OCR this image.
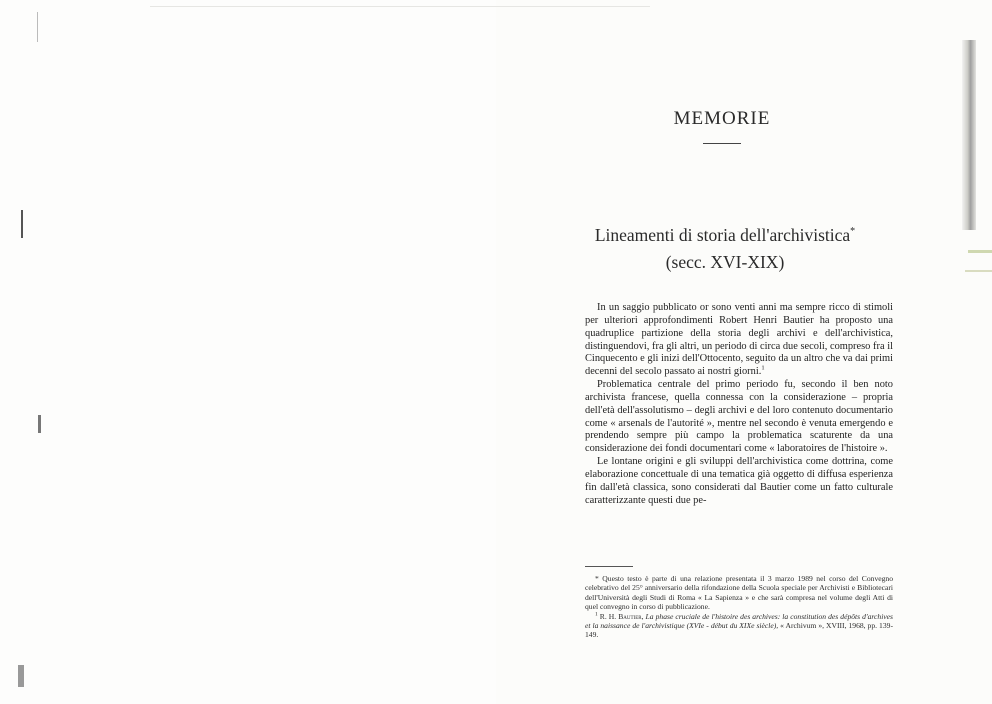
MEMORIE
Lineamenti di storia dell'archivistica*
(secc. XVI-XIX)

In un saggio pubblicato or sono venti anni ma sempre ricco di stimoli per ulteriori approfondimenti Robert Henri Bautier ha proposto una quadruplice partizione della storia degli archivi e dell'archivistica, distinguendovi, fra gli altri, un periodo di circa due secoli, compreso fra il Cinquecento e gli inizi dell'Ottocento, seguito da un altro che va dai primi decenni del secolo passato ai nostri giorni.$^1$

Problematica centrale del primo periodo fu, secondo il ben noto archivista francese, quella connessa con la considerazione – propria dell'età dell'assolutismo – degli archivi e del loro contenuto documentario come « arsenals de l'autorité », mentre nel secondo è venuta emergendo e prendendo sempre più campo la problematica scaturente da una considerazione dei fondi documentari come « laboratoires de l'histoire ».

Le lontane origini e gli sviluppi dell'archivistica come dottrina, come elaborazione concettuale di una tematica già oggetto di diffusa esperienza fin dall'età classica, sono considerati dal Bautier come un fatto culturale caratterizzante questi due pe-

* Questo testo è parte di una relazione presentata il 3 marzo 1989 nel corso del Convegno celebrativo del 25° anniversario della rifondazione della Scuola speciale per Archivisti e Bibliotecari dell'Università degli Studi di Roma « La Sapienza » e che sarà compresa nel volume degli Atti di quel convegno in corso di pubblicazione.

$^1$ R. H. Bautier, La phase cruciale de l'histoire des archives: la constitution des dépôts d'archives et la naissance de l'archivistique (XVIe - début du XIXe siècle), « Archivum », XVIII, 1968, pp. 139-149.
